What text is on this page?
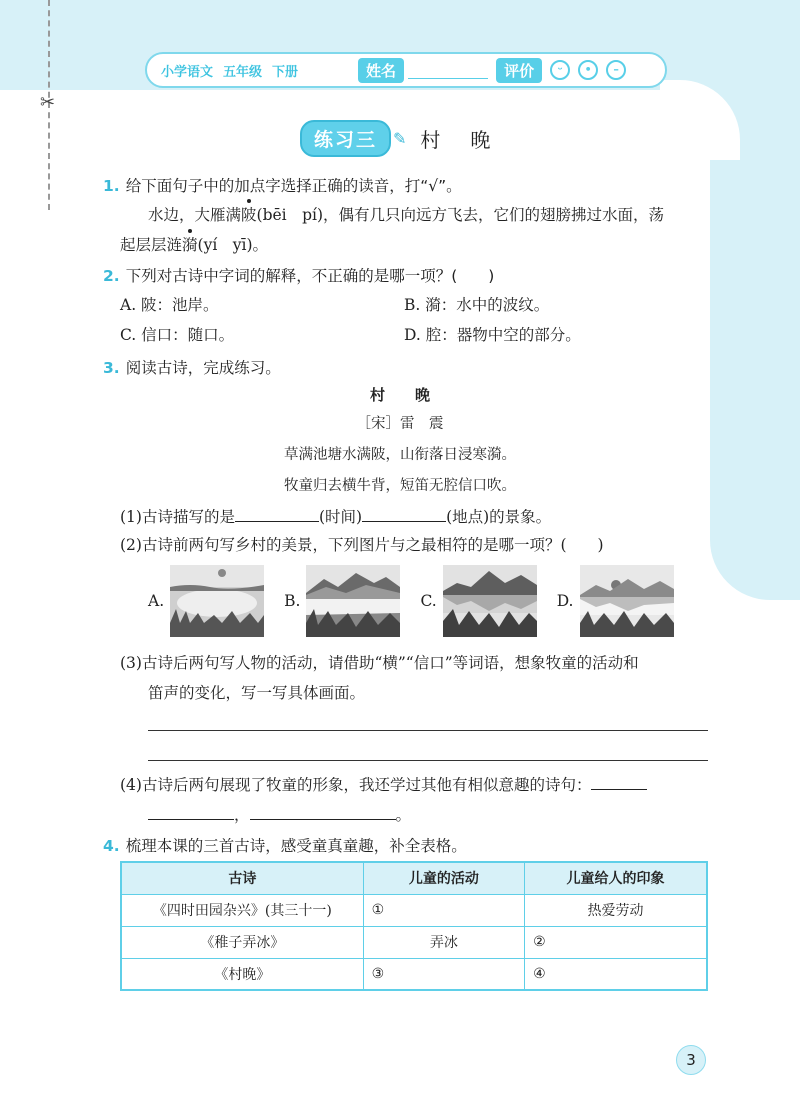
✂
小学语文 五年级 下册	姓名	评价	ᵕ	•	–
练习三	✎ 村晚
1. 给下面句子中的加点字选择正确的读音，打“√”。
水边，大雁满陂(bēi　pí)，偶有几只向远方飞去，它们的翅膀拂过水面，荡
起层层涟漪(yí　yī)。
2. 下列对古诗中字词的解释，不正确的是哪一项？(　　)
A. 陂：池岸。	B. 漪：水中的波纹。
C. 信口：随口。	D. 腔：器物中空的部分。
3. 阅读古诗，完成练习。
村　　晚
［宋］雷　震
草满池塘水满陂，山衔落日浸寒漪。
牧童归去横牛背，短笛无腔信口吹。
(1)古诗描写的是	(时间)	(地点)的景象。
(2)古诗前两句写乡村的美景，下列图片与之最相符的是哪一项？(　　)
A.	B.	C.	D.
(3)古诗后两句写人物的活动，请借助“横”“信口”等词语，想象牧童的活动和
笛声的变化，写一写具体画面。
(4)古诗后两句展现了牧童的形象，我还学过其他有相似意趣的诗句：
，	。
4. 梳理本课的三首古诗，感受童真童趣，补全表格。
古诗	儿童的活动	儿童给人的印象
《四时田园杂兴》(其三十一)	①	热爱劳动
《稚子弄冰》	弄冰	②
《村晚》	③	④
3
